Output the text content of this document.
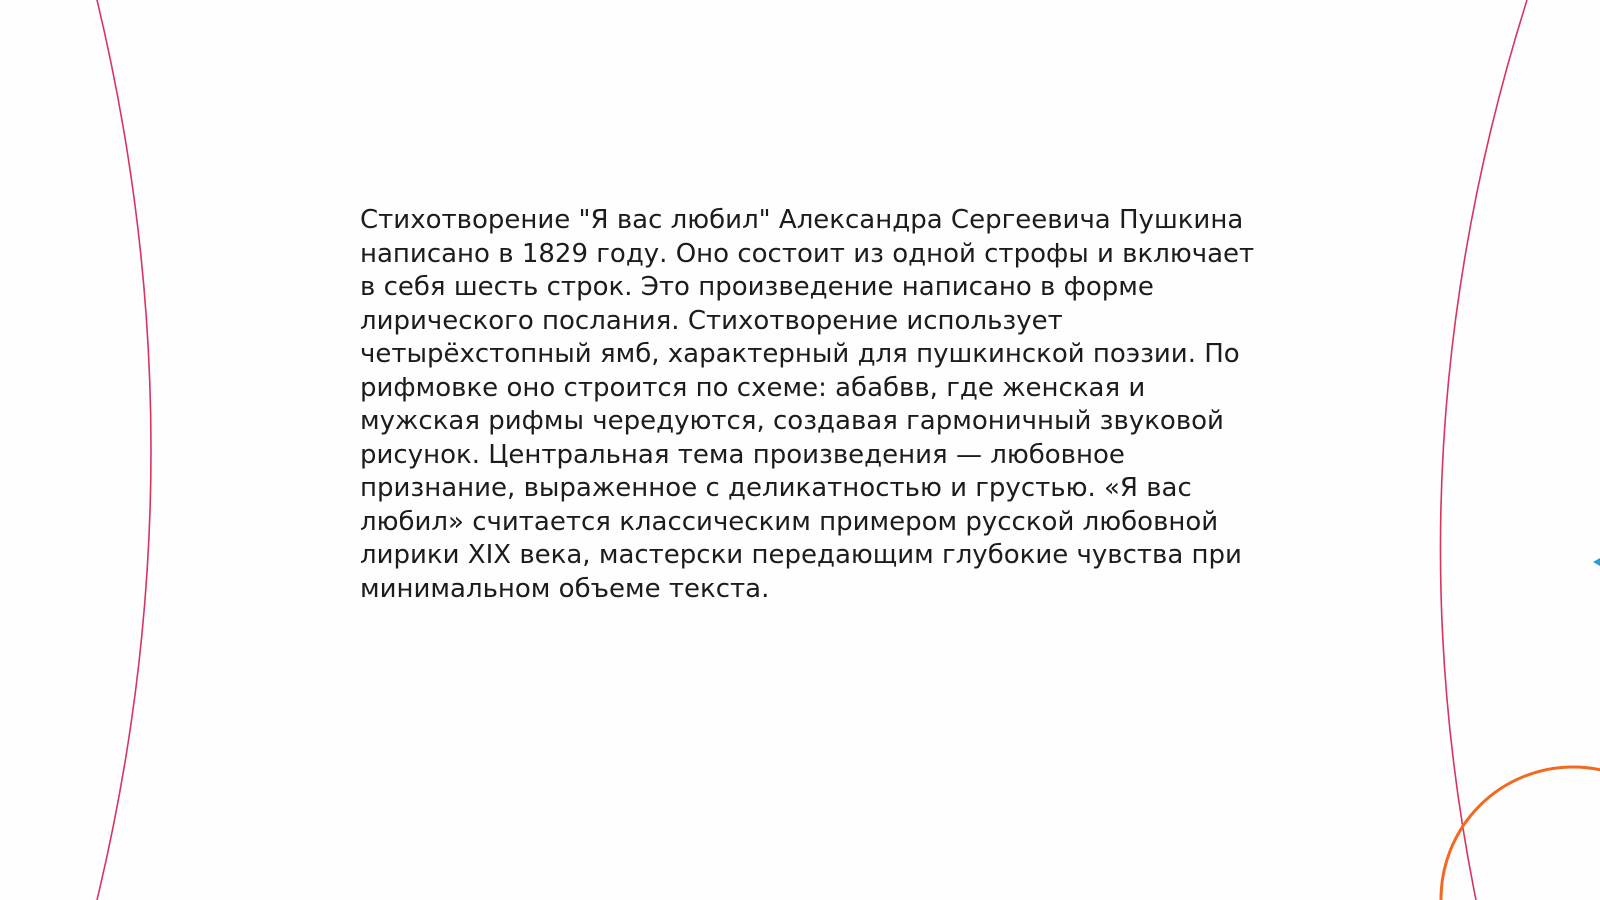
Стихотворение "Я вас любил" Александра Сергеевича Пушкина
написано в 1829 году. Оно состоит из одной строфы и включает
в себя шесть строк. Это произведение написано в форме
лирического послания. Стихотворение использует
четырёхстопный ямб, характерный для пушкинской поэзии. По
рифмовке оно строится по схеме: абабвв, где женская и
мужская рифмы чередуются, создавая гармоничный звуковой
рисунок. Центральная тема произведения — любовное
признание, выраженное с деликатностью и грустью. «Я вас
любил» считается классическим примером русской любовной
лирики XIX века, мастерски передающим глубокие чувства при
минимальном объеме текста.
